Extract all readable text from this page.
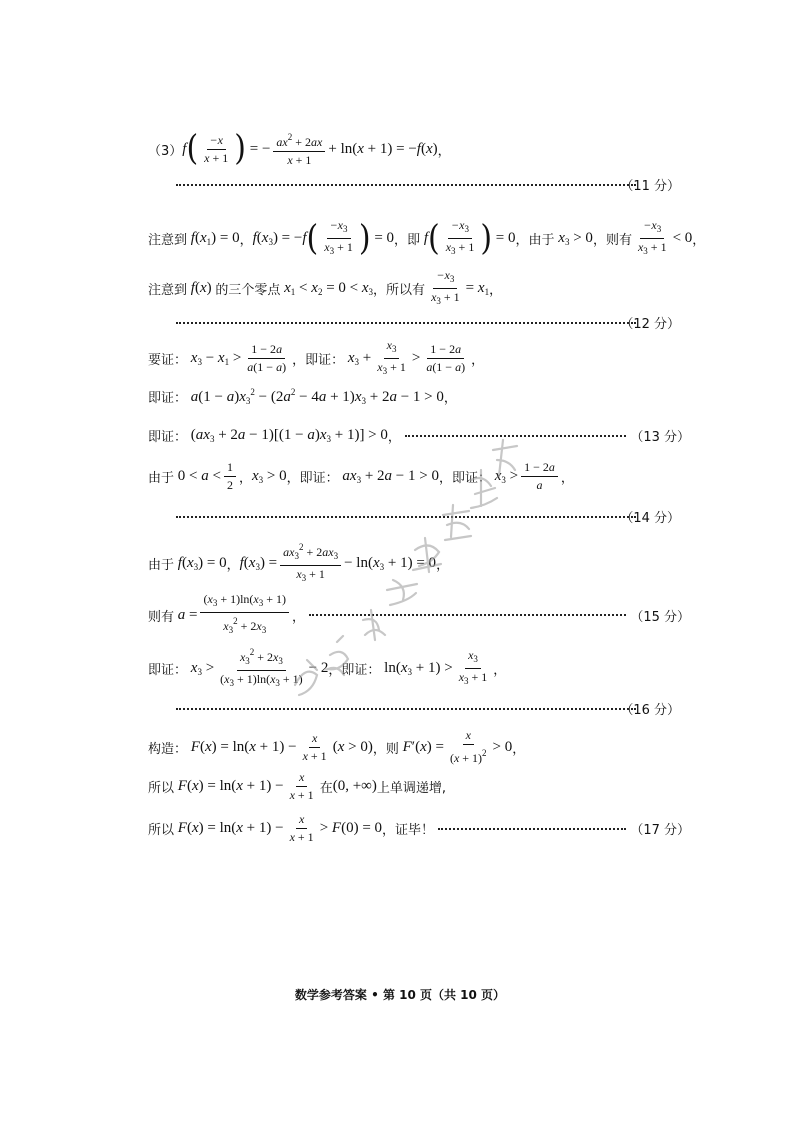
（3） f ( $\frac{-x}{x + 1}$ ) = − $\frac{ax^2 + 2ax}{x + 1} + \ln(x + 1) = -f(x)$ ，
（11 分）
注意到 $f(x_1) = 0$ ， $f(x_3) = -f$ ( $\frac{-x_3}{x_3 + 1}$ ) = 0 ， 即 f ( $\frac{-x_3}{x_3 + 1}$ ) = 0 ， 由于 $x_3 > 0$ ， 则有 $\frac{-x_3}{x_3 + 1} < 0$ ，
注意到 f(x) 的三个零点 $x_1 < x_2 = 0 < x_3$ ， 所以有 $\frac{-x_3}{x_3 + 1} = x_1$ ，
（12 分）
要证： $x_3 - x_1 > \frac{1 - 2a}{a(1 - a)}$ ， 即证： $x_3 + \frac{x_3}{x_3 + 1} > \frac{1 - 2a}{a(1 - a)}$ ，
即证： $a(1 - a)x_3^2 - (2a^2 - 4a + 1)x_3 + 2a - 1 > 0$ ，
即证： $(ax_3 + 2a - 1)[(1 - a)x_3 + 1)] > 0$ ，	（13 分）
由于 $0 < a < \frac{1}{2}$ ， $x_3 > 0$ ， 即证： $ax_3 + 2a - 1 > 0$ ， 即证： $x_3 > \frac{1 - 2a}{a}$ ，
（14 分）
由于 $f(x_3) = 0$ ， $f(x_3) = \frac{ax_3^2 + 2ax_3}{x_3 + 1} - \ln(x_3 + 1) = 0$ ，
则有 $a = \frac{(x_3 + 1)\ln(x_3 + 1)}{x_3^2 + 2x_3}$ ，	（15 分）
即证： $x_3 > \frac{x_3^2 + 2x_3}{(x_3 + 1)\ln(x_3 + 1)} - 2$ ， 即证： $\ln(x_3 + 1) > \frac{x_3}{x_3 + 1}$ ，
（16 分）
构造： $F(x) = \ln(x + 1) - \frac{x}{x + 1} (x > 0)$ ， 则 $F'(x) = \frac{x}{(x + 1)^2} > 0$ ，
所以 $F(x) = \ln(x + 1) - \frac{x}{x + 1}$ 在 (0, +∞) 上单调递增,
所以 $F(x) = \ln(x + 1) - \frac{x}{x + 1} > F(0) = 0$ ， 证毕！	（17 分）
数学参考答案 • 第 10 页（共 10 页）
